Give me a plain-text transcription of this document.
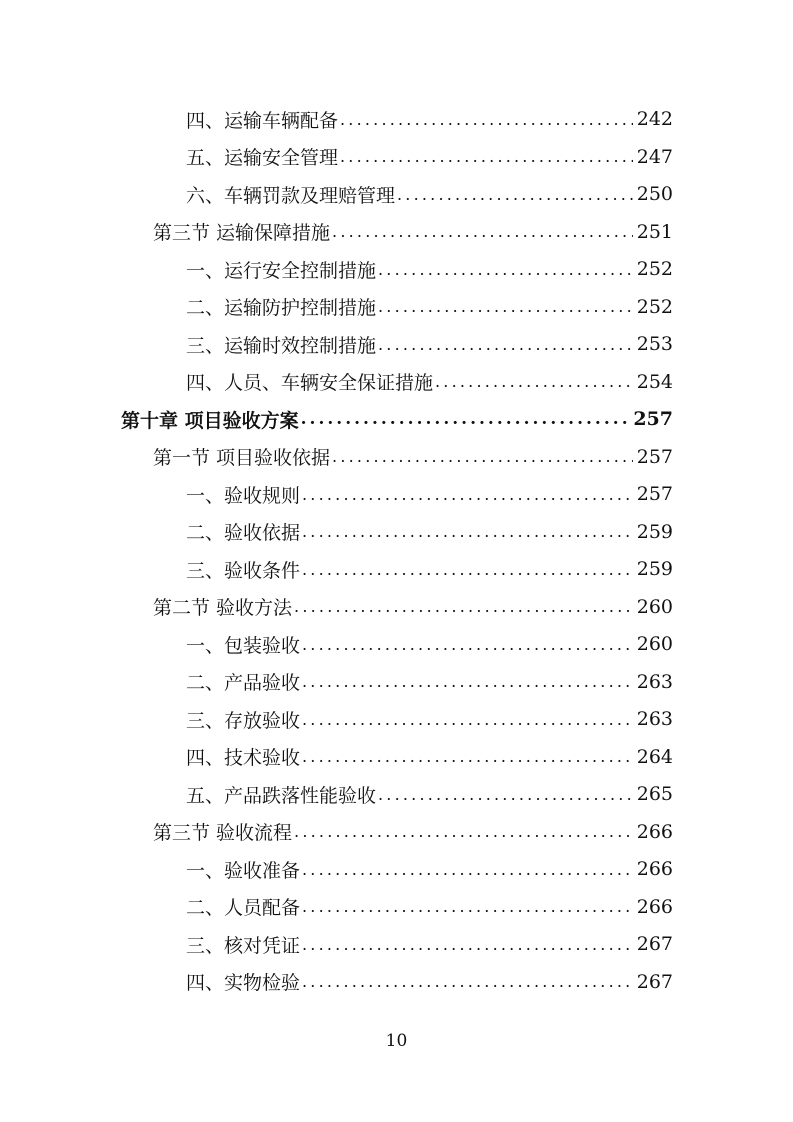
四、运输车辆配备 .....	242
五、运输安全管理 .....	247
六、车辆罚款及理赔管理 .....	250
第三节 运输保障措施 .....	251
一、运行安全控制措施 .....	252
二、运输防护控制措施 .....	252
三、运输时效控制措施 .....	253
四、人员、车辆安全保证措施 .....	254
第十章 项目验收方案 .....	257
第一节 项目验收依据 .....	257
一、验收规则 .....	257
二、验收依据 .....	259
三、验收条件 .....	259
第二节 验收方法 .....	260
一、包装验收 .....	260
二、产品验收 .....	263
三、存放验收 .....	263
四、技术验收 .....	264
五、产品跌落性能验收 .....	265
第三节 验收流程 .....	266
一、验收准备 .....	266
二、人员配备 .....	266
三、核对凭证 .....	267
四、实物检验 .....	267
10
